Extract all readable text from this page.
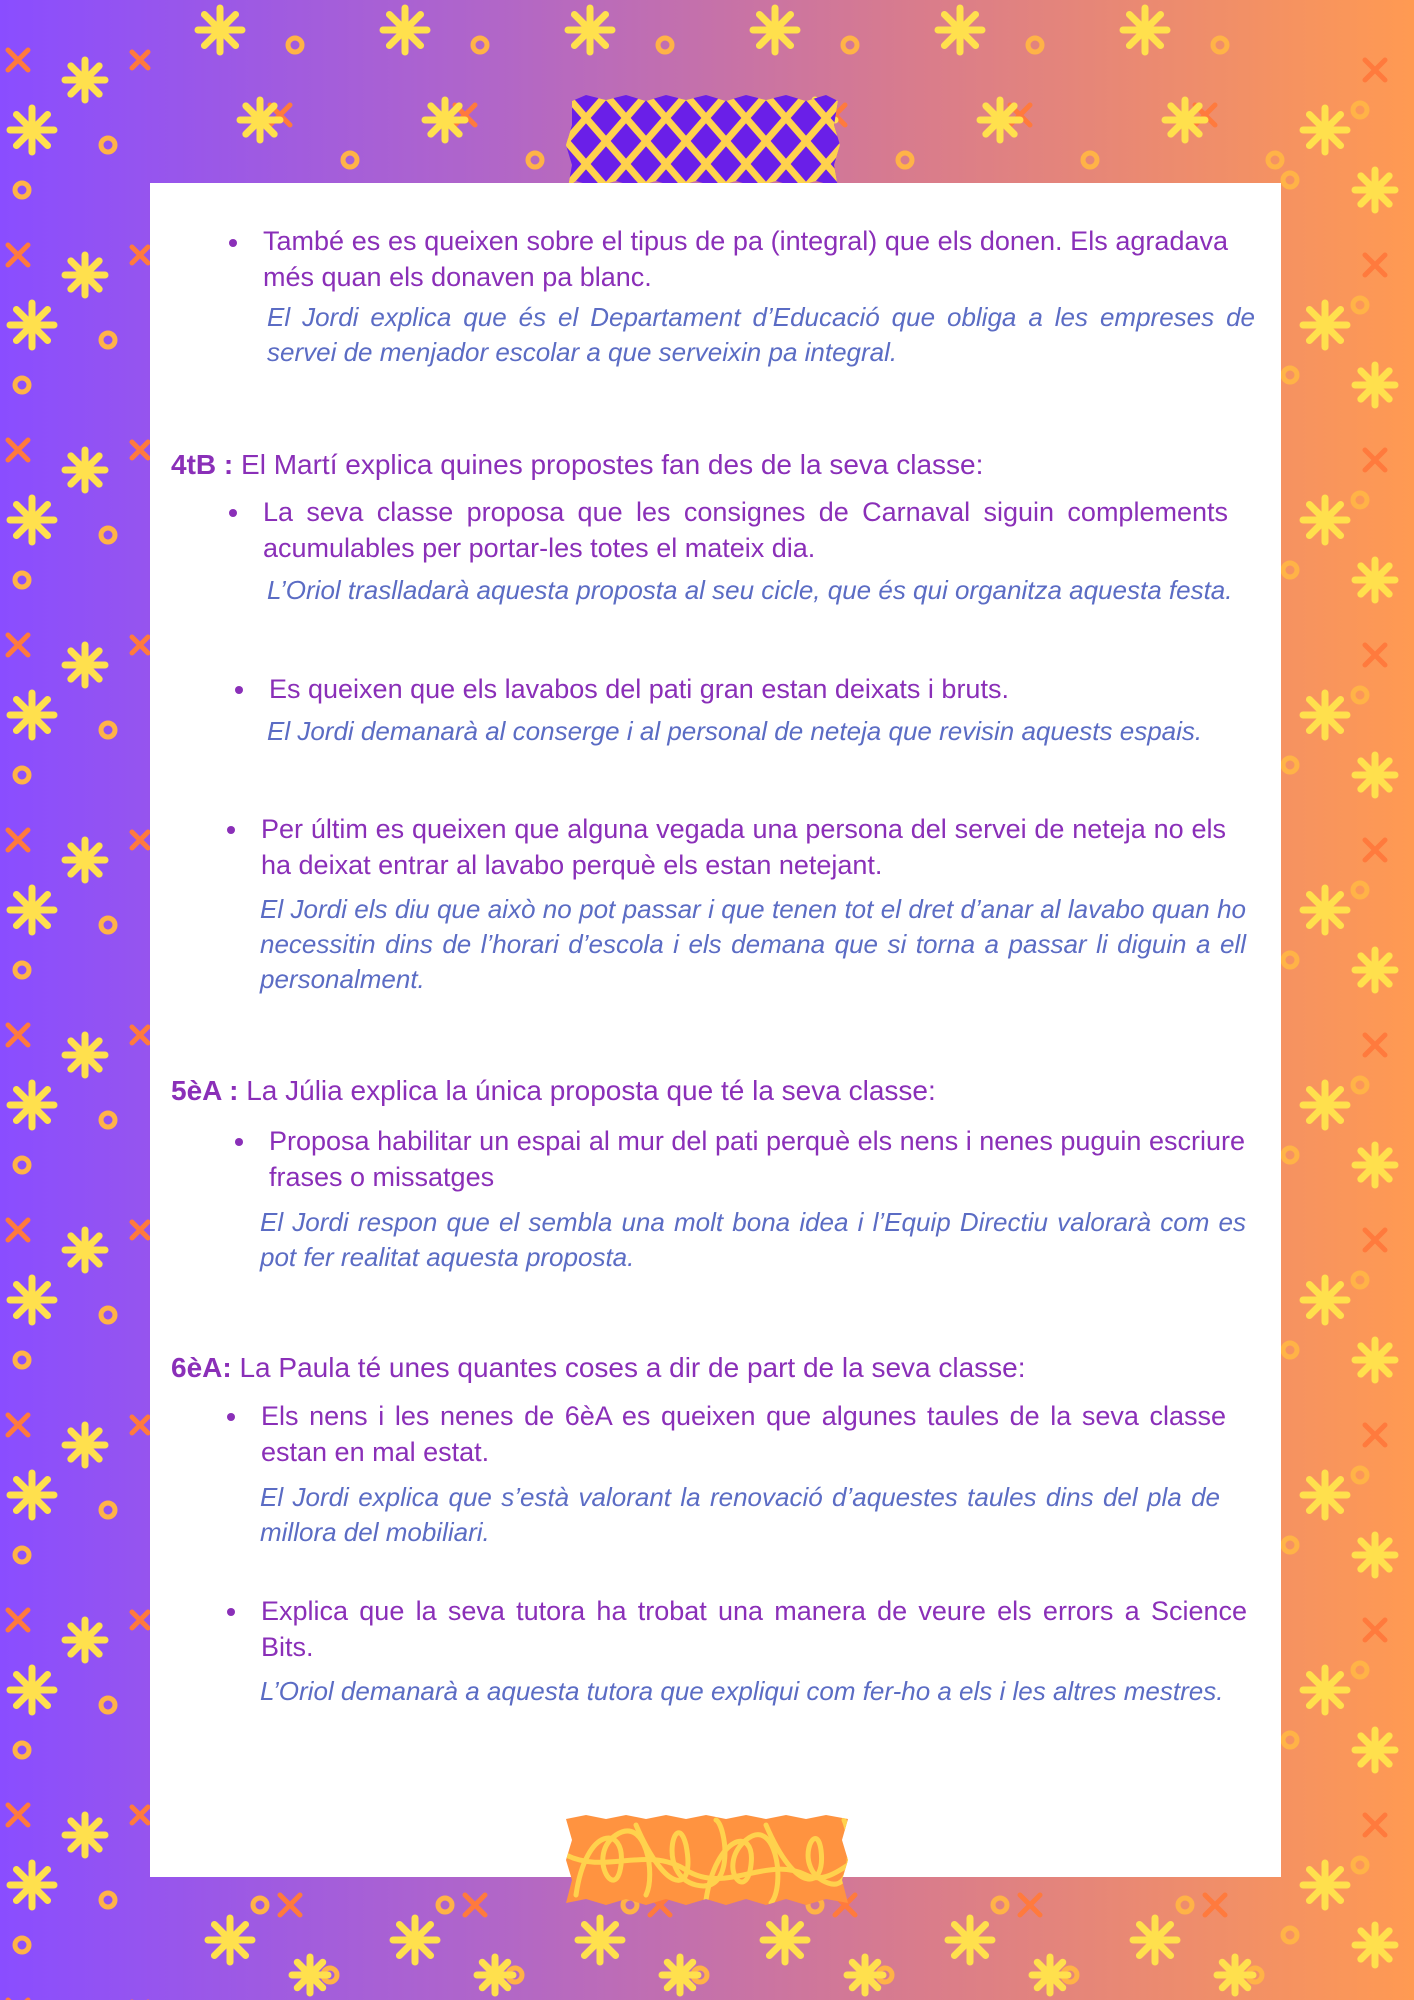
També es es queixen sobre el tipus de pa (integral) que els donen. Els agradava més quan els donaven pa blanc.
El Jordi explica que és el Departament d’Educació que obliga a les empreses de servei de menjador escolar a que serveixin pa integral.
4tB : El Martí explica quines propostes fan des de la seva classe:
La seva classe proposa que les consignes de Carnaval siguin complements acumulables per portar-les totes el mateix dia.
L’Oriol traslladarà aquesta proposta al seu cicle, que és qui organitza aquesta festa.
Es queixen que els lavabos del pati gran estan deixats i bruts.
El Jordi demanarà al conserge i al personal de neteja que revisin aquests espais.
Per últim es queixen que alguna vegada una persona del servei de neteja no els ha deixat entrar al lavabo perquè els estan netejant.
El Jordi els diu que això no pot passar i que tenen tot el dret d’anar al lavabo quan ho necessitin dins de l’horari d’escola i els demana que si torna a passar li diguin a ell personalment.
5èA : La Júlia explica la única proposta que té la seva classe:
Proposa habilitar un espai al mur del pati perquè els nens i nenes puguin escriure frases o missatges
El Jordi respon que el sembla una molt bona idea i l’Equip Directiu valorarà com es pot fer realitat aquesta proposta.
6èA: La Paula té unes quantes coses a dir de part de la seva classe:
Els nens i les nenes de 6èA es queixen que algunes taules de la seva classe estan en mal estat.
El Jordi explica que s’està valorant la renovació d’aquestes taules dins del pla de millora del mobiliari.
Explica que la seva tutora ha trobat una manera de veure els errors a Science Bits.
L’Oriol demanarà a aquesta tutora que expliqui com fer-ho a els i les altres mestres.
